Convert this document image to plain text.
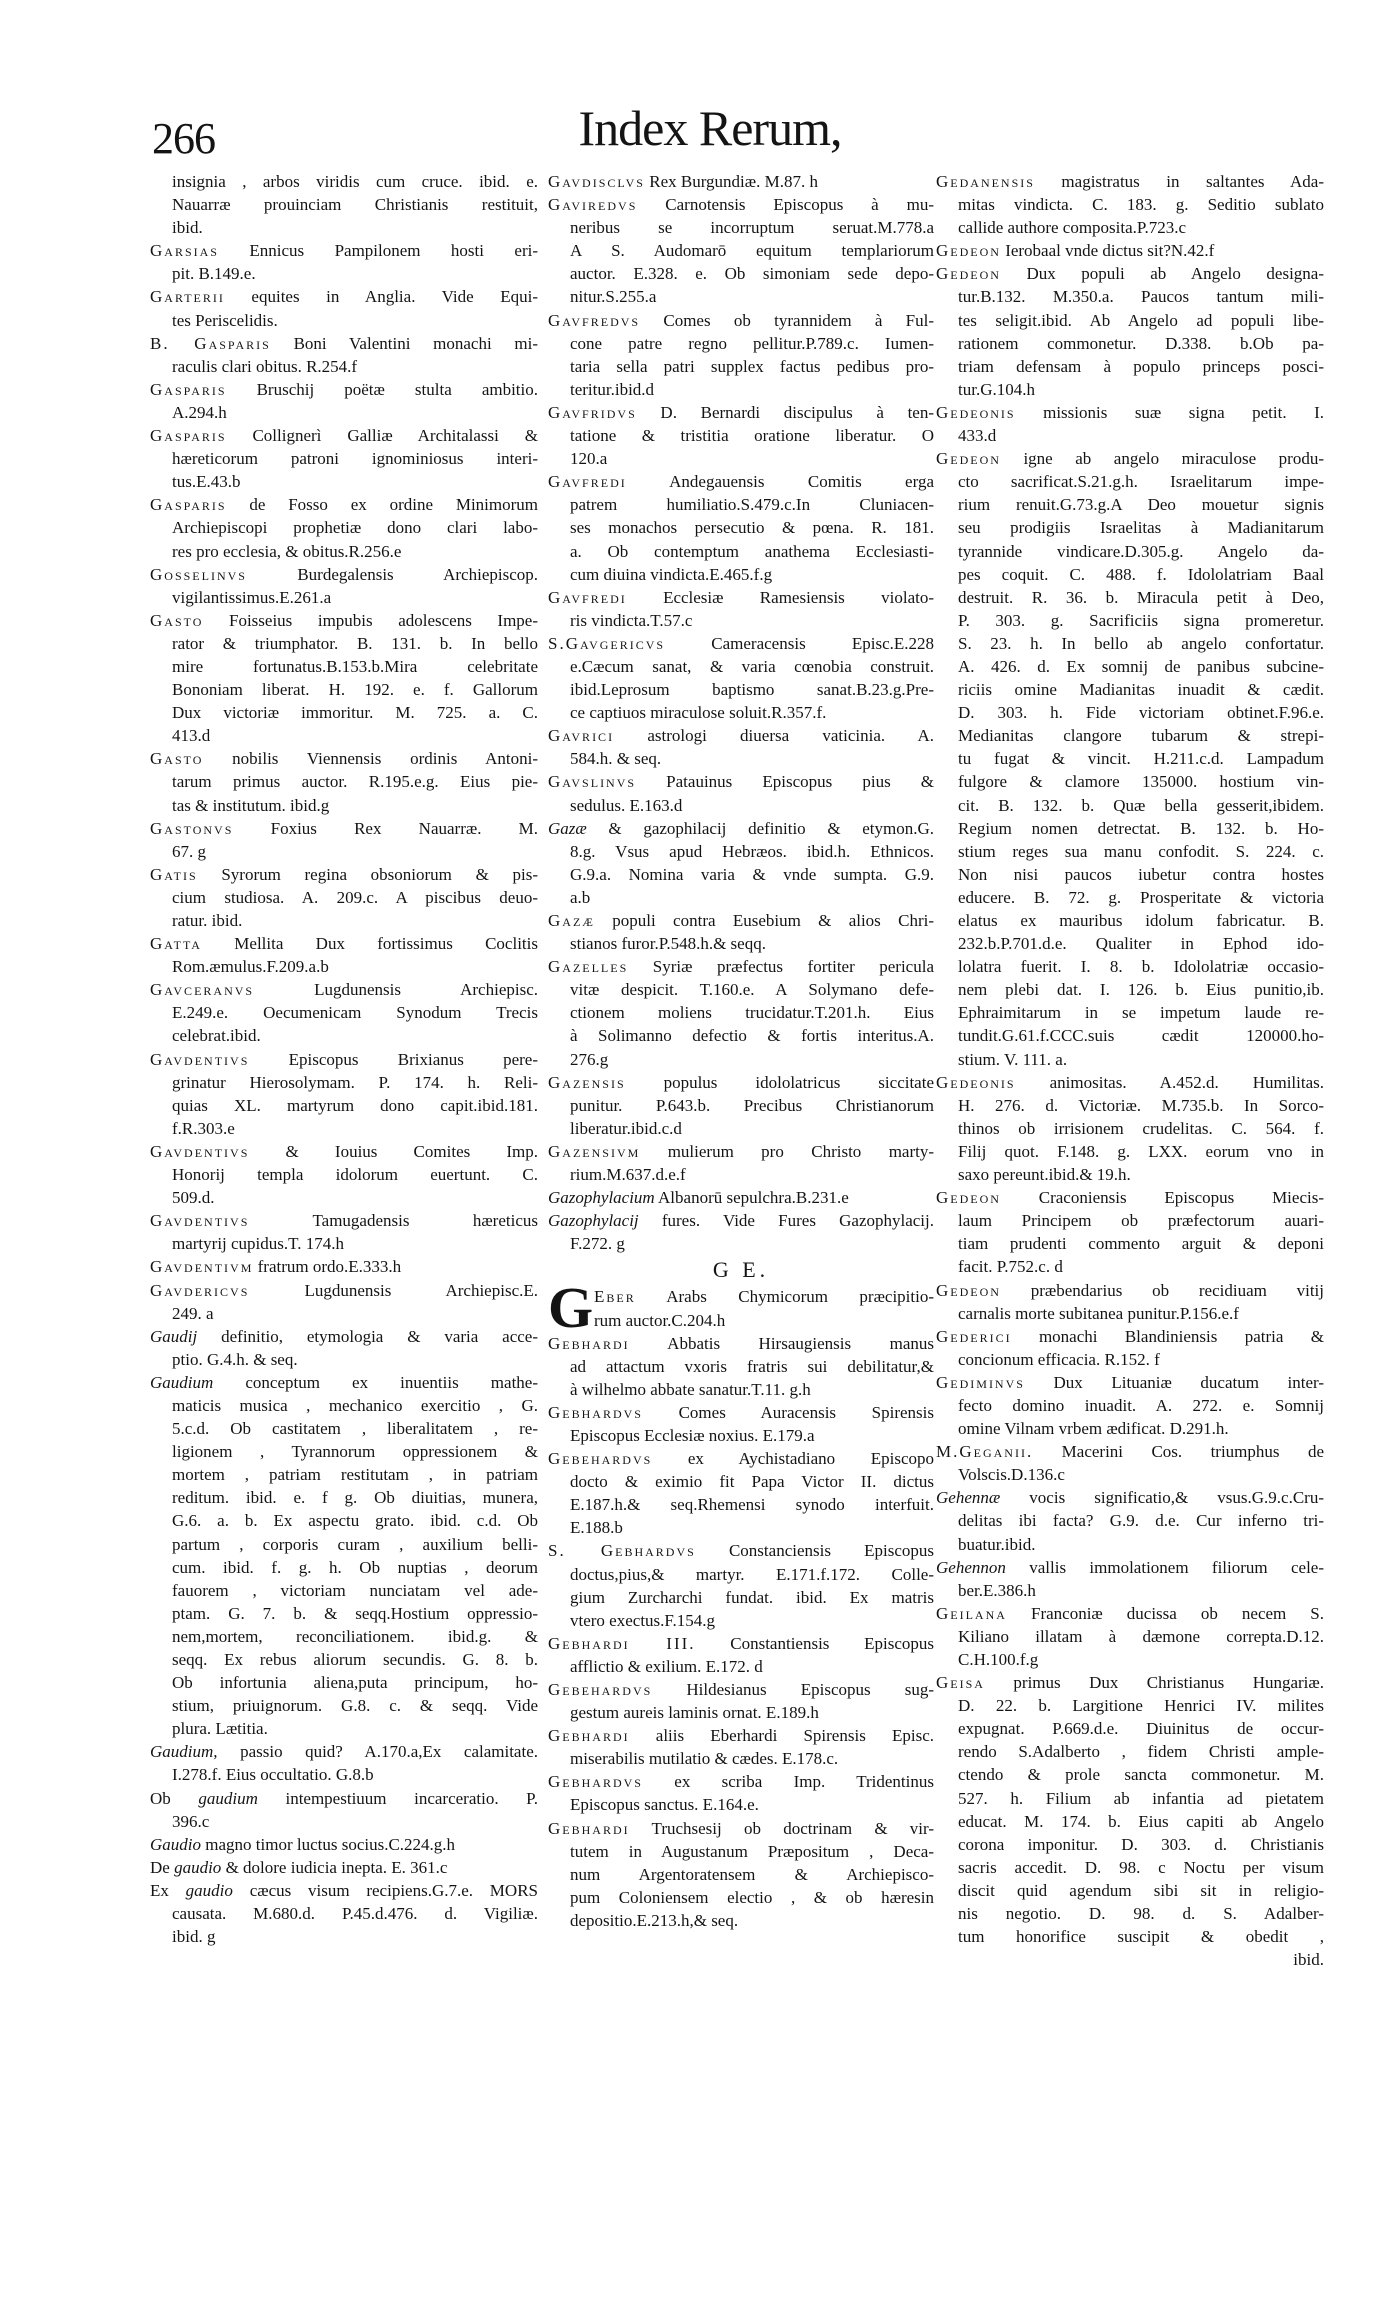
266	Index Rerum,
insignia , arbos viridis cum cruce. ibid. e.
Nauarræ prouinciam Christianis restituit,
ibid.
Garsias Ennicus Pampilonem hosti eri-
pit. B.149.e.
Garterii equites in Anglia. Vide Equi-
tes Periscelidis.
B. Gasparis Boni Valentini monachi mi-
raculis clari obitus. R.254.f
Gasparis Bruschij poëtæ stulta ambitio.
A.294.h
Gasparis Collignerì Galliæ Architalassi &
hæreticorum patroni ignominiosus interi-
tus.E.43.b
Gasparis de Fosso ex ordine Minimorum
Archiepiscopi prophetiæ dono clari labo-
res pro ecclesia, & obitus.R.256.e
Gosselinvs	Burdegalensis Archiepiscop.
vigilantissimus.E.261.a
Gasto Foisseius impubis adolescens Impe-
rator & triumphator. B. 131. b. In bello
mire fortunatus.B.153.b.Mira celebritate
Bononiam liberat. H. 192. e. f. Gallorum
Dux victoriæ immoritur. M. 725. a. C.
413.d
Gasto nobilis Viennensis ordinis Antoni-
tarum primus auctor. R.195.e.g. Eius pie-
tas & institutum. ibid.g
Gastonvs Foxius Rex Nauarræ. M.
67. g
Gatis Syrorum regina obsoniorum & pis-
cium studiosa. A. 209.c. A piscibus deuo-
ratur. ibid.
Gatta Mellita Dux fortissimus Coclitis
Rom.æmulus.F.209.a.b
Gavceranvs	Lugdunensis Archiepisc.
E.249.e. Oecumenicam Synodum Trecis
celebrat.ibid.
Gavdentivs Episcopus Brixianus pere-
grinatur Hierosolymam. P. 174. h. Reli-
quias XL. martyrum dono capit.ibid.181.
f.R.303.e
Gavdentivs & Iouius Comites Imp.
Honorij templa idolorum euertunt. C.
509.d.
Gavdentivs	Tamugadensis hæreticus
martyrij cupidus.T. 174.h
Gavdentivm fratrum ordo.E.333.h
Gavdericvs	Lugdunensis Archiepisc.E.
249. a
Gaudij definitio, etymologia & varia acce-
ptio. G.4.h. & seq.
Gaudium conceptum ex inuentiis mathe-
maticis musica , mechanico exercitio , G.
5.c.d. Ob castitatem , liberalitatem , re-
ligionem , Tyrannorum oppressionem &
mortem , patriam restitutam , in patriam
reditum. ibid. e. f g. Ob diuitias, munera,
G.6. a. b. Ex aspectu grato. ibid. c.d. Ob
partum , corporis curam , auxilium belli-
cum. ibid. f. g. h. Ob nuptias , deorum
fauorem , victoriam nunciatam vel ade-
ptam. G. 7. b. & seqq.Hostium oppressio-
nem,mortem, reconciliationem. ibid.g. &
seqq. Ex rebus aliorum secundis. G. 8. b.
Ob infortunia aliena,puta principum, ho-
stium, priuignorum. G.8. c. & seqq. Vide
plura. Lætitia.
Gaudium, passio quid? A.170.a,Ex calamitate.
I.278.f. Eius occultatio. G.8.b
Ob gaudium intempestiuum incarceratio. P.
396.c
Gaudio magno timor luctus socius.C.224.g.h
De gaudio & dolore iudicia inepta. E. 361.c
Ex gaudio cæcus visum recipiens.G.7.e. MORS
causata. M.680.d. P.45.d.476. d. Vigiliæ.
ibid. g
Gavdisclvs Rex Burgundiæ. M.87. h
Gaviredvs Carnotensis Episcopus à mu-
neribus se incorruptum seruat.M.778.a
A S. Audomarō equitum templariorum
auctor. E.328. e. Ob simoniam sede depo-
nitur.S.255.a
Gavfredvs Comes ob tyrannidem à Ful-
cone patre regno pellitur.P.789.c. Iumen-
taria sella patri supplex factus pedibus pro-
teritur.ibid.d
Gavfridvs D. Bernardi discipulus à ten-
tatione & tristitia oratione liberatur. O
120.a
Gavfredi Andegauensis Comitis erga
patrem humiliatio.S.479.c.In Cluniacen-
ses monachos persecutio & pœna. R. 181.
a. Ob contemptum anathema Ecclesiasti-
cum diuina vindicta.E.465.f.g
Gavfredi Ecclesiæ Ramesiensis violato-
ris vindicta.T.57.c
S.Gavgericvs	Cameracensis Episc.E.228
e.Cæcum sanat, & varia cœnobia construit.
ibid.Leprosum baptismo sanat.B.23.g.Pre-
ce captiuos miraculose soluit.R.357.f.
Gavrici astrologi diuersa vaticinia. A.
584.h. & seq.
Gavslinvs Patauinus Episcopus pius &
sedulus. E.163.d
Gazæ & gazophilacij definitio & etymon.G.
8.g. Vsus apud Hebræos. ibid.h. Ethnicos.
G.9.a. Nomina varia & vnde sumpta. G.9.
a.b
Gazæ populi contra Eusebium & alios Chri-
stianos furor.P.548.h.& seqq.
Gazelles Syriæ præfectus fortiter pericula
vitæ despicit. T.160.e. A Solymano defe-
ctionem moliens trucidatur.T.201.h. Eius
à Solimanno defectio & fortis interitus.A.
276.g
Gazensis populus idololatricus siccitate
punitur. P.643.b. Precibus Christianorum
liberatur.ibid.c.d
Gazensivm mulierum pro Christo marty-
rium.M.637.d.e.f
Gazophylacium Albanorū sepulchra.B.231.e
Gazophylacij fures. Vide Fures Gazophylacij.
F.272. g
G E.
G Eber Arabs Chymicorum præcipitio-
rum auctor.C.204.h
Gebhardi Abbatis Hirsaugiensis manus
ad attactum vxoris fratris sui debilitatur,&
à wilhelmo abbate sanatur.T.11. g.h
Gebhardvs Comes Auracensis Spirensis
Episcopus Ecclesiæ noxius. E.179.a
Gebehardvs ex Aychistadiano Episcopo
docto & eximio fit Papa Victor II. dictus
E.187.h.& seq.Rhemensi synodo interfuit.
E.188.b
S. Gebhardvs Constanciensis Episcopus
doctus,pius,& martyr. E.171.f.172. Colle-
gium Zurcharchi fundat. ibid. Ex matris
vtero exectus.F.154.g
Gebhardi III. Constantiensis Episcopus
afflictio & exilium. E.172. d
Gebehardvs Hildesianus Episcopus sug-
gestum aureis laminis ornat. E.189.h
Gebhardi aliis Eberhardi Spirensis Episc.
miserabilis mutilatio & cædes. E.178.c.
Gebhardvs ex scriba Imp. Tridentinus
Episcopus sanctus. E.164.e.
Gebhardi Truchsesij ob doctrinam & vir-
tutem in Augustanum Præpositum , Deca-
num Argentoratensem & Archiepisco-
pum Coloniensem electio , & ob hæresin
depositio.E.213.h,& seq.
Gedanensis magistratus in saltantes Ada-
mitas vindicta. C. 183. g. Seditio sublato
callide authore composita.P.723.c
Gedeon Ierobaal vnde dictus sit?N.42.f
Gedeon Dux populi ab Angelo designa-
tur.B.132. M.350.a. Paucos tantum mili-
tes seligit.ibid. Ab Angelo ad populi libe-
rationem commonetur. D.338. b.Ob pa-
triam defensam à populo princeps posci-
tur.G.104.h
Gedeonis missionis suæ signa petit. I.
433.d
Gedeon igne ab angelo miraculose produ-
cto sacrificat.S.21.g.h. Israelitarum impe-
rium renuit.G.73.g.A Deo mouetur signis
seu prodigiis Israelitas à Madianitarum
tyrannide vindicare.D.305.g. Angelo da-
pes coquit. C. 488. f. Idololatriam Baal
destruit. R. 36. b. Miracula petit à Deo,
P. 303. g. Sacrificiis signa promeretur.
S. 23. h. In bello ab angelo confortatur.
A. 426. d. Ex somnij de panibus subcine-
riciis omine Madianitas inuadit & cædit.
D. 303. h. Fide victoriam obtinet.F.96.e.
Medianitas clangore tubarum & strepi-
tu fugat & vincit. H.211.c.d. Lampadum
fulgore & clamore 135000. hostium vin-
cit. B. 132. b. Quæ bella gesserit,ibidem.
Regium nomen detrectat. B. 132. b. Ho-
stium reges sua manu confodit. S. 224. c.
Non nisi paucos iubetur contra hostes
educere. B. 72. g. Prosperitate & victoria
elatus ex mauribus idolum fabricatur. B.
232.b.P.701.d.e. Qualiter in Ephod ido-
lolatra fuerit. I. 8. b. Idololatriæ occasio-
nem plebi dat. I. 126. b. Eius punitio,ib.
Ephraimitarum in se impetum laude re-
tundit.G.61.f.CCC.suis cædit 120000.ho-
stium. V. 111. a.
Gedeonis animositas. A.452.d. Humilitas.
H. 276. d. Victoriæ. M.735.b. In Sorco-
thinos ob irrisionem crudelitas. C. 564. f.
Filij quot. F.148. g. LXX. eorum vno in
saxo pereunt.ibid.& 19.h.
Gedeon Craconiensis Episcopus Miecis-
laum Principem ob præfectorum auari-
tiam prudenti commento arguit & deponi
facit. P.752.c. d
Gedeon præbendarius ob recidiuam vitij
carnalis morte subitanea punitur.P.156.e.f
Gederici monachi Blandiniensis patria &
concionum efficacia. R.152. f
Gediminvs Dux Lituaniæ ducatum inter-
fecto domino inuadit. A. 272. e. Somnij
omine Vilnam vrbem ædificat. D.291.h.
M.Geganii. Macerini Cos. triumphus de
Volscis.D.136.c
Gehennæ vocis significatio,& vsus.G.9.c.Cru-
delitas ibi facta? G.9. d.e. Cur inferno tri-
buatur.ibid.
Gehennon vallis immolationem filiorum cele-
ber.E.386.h
Geilana Franconiæ ducissa ob necem S.
Kiliano illatam à dæmone correpta.D.12.
C.H.100.f.g
Geisa primus Dux Christianus Hungariæ.
D. 22. b. Largitione Henrici IV. milites
expugnat. P.669.d.e. Diuinitus de occur-
rendo S.Adalberto , fidem Christi ample-
ctendo & prole sancta commonetur. M.
527. h. Filium ab infantia ad pietatem
educat. M. 174. b. Eius capiti ab Angelo
corona imponitur. D. 303. d. Christianis
sacris accedit. D. 98. c Noctu per visum
discit quid agendum sibi sit in religio-
nis negotio. D. 98. d. S. Adalber-
tum honorifice suscipit & obedit ,
ibid.
